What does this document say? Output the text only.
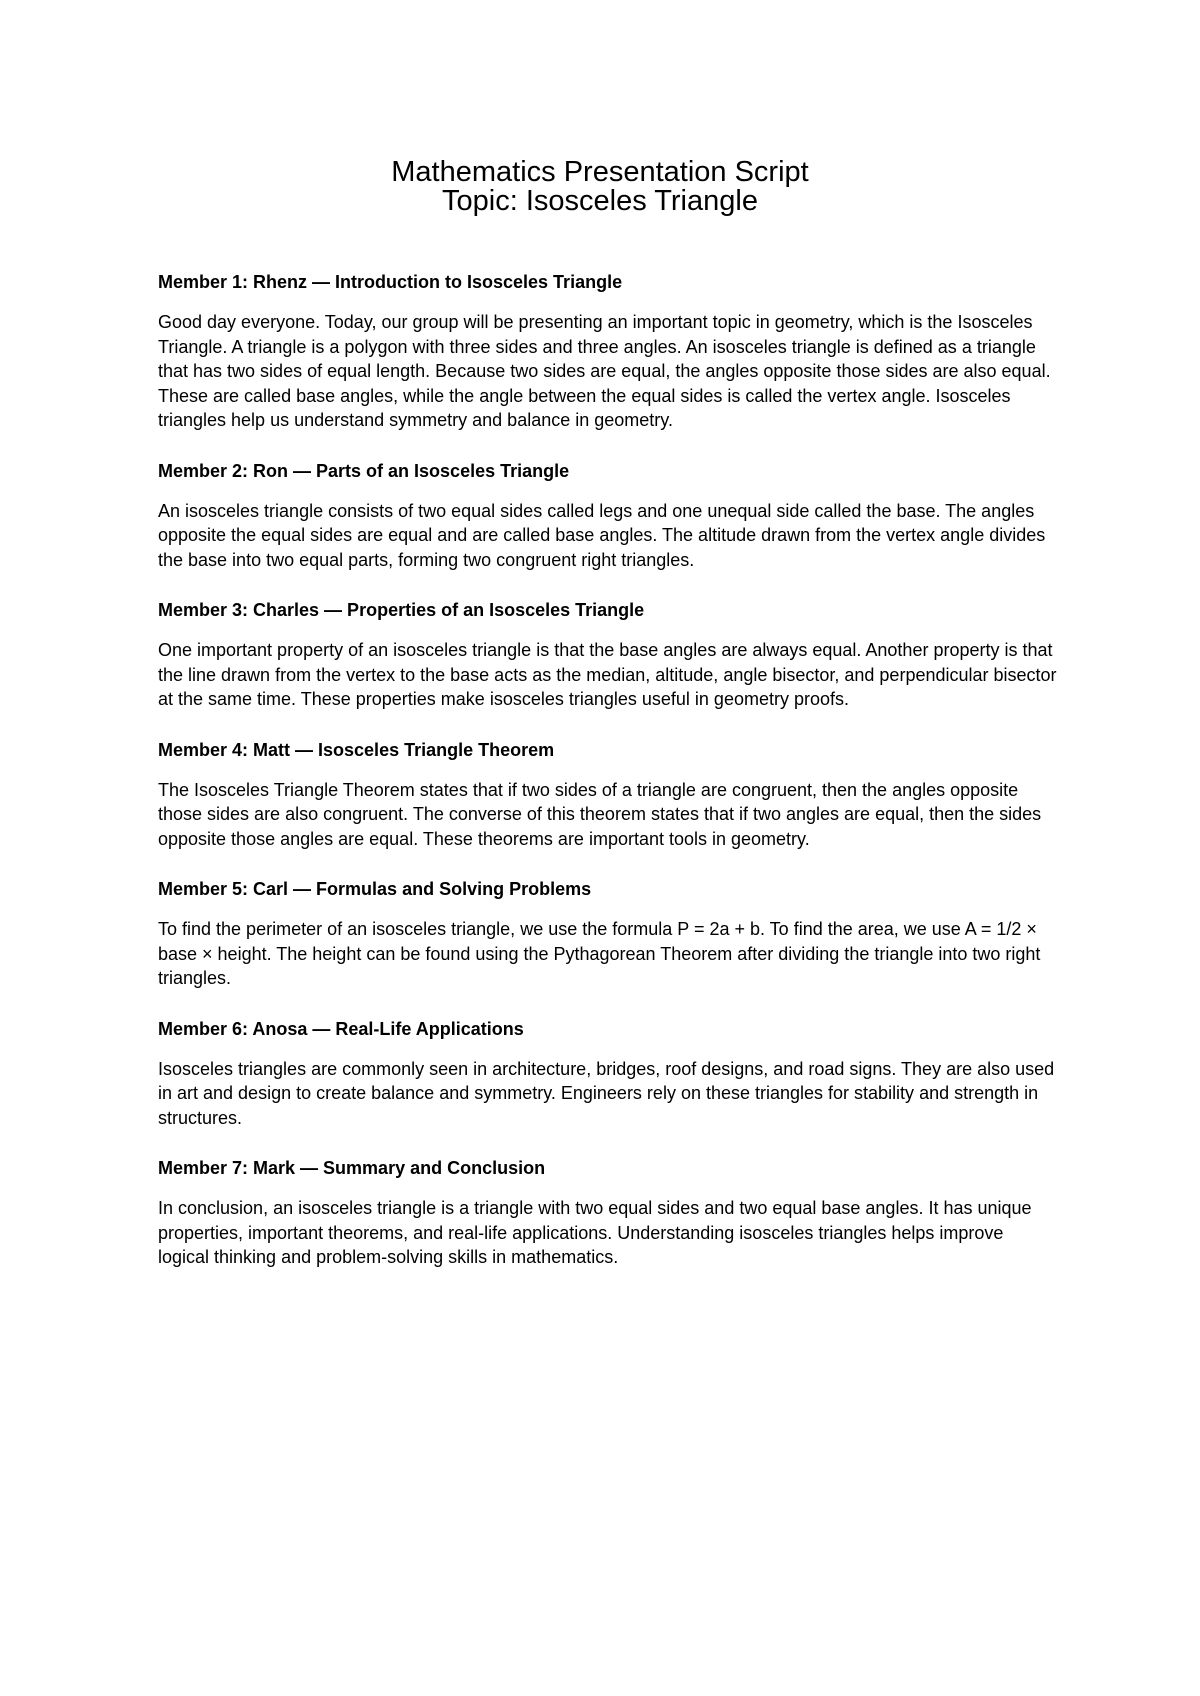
Mathematics Presentation Script

Topic: Isosceles Triangle

Member 1: Rhenz — Introduction to Isosceles Triangle

Good day everyone. Today, our group will be presenting an important topic in geometry, which is the Isosceles Triangle. A triangle is a polygon with three sides and three angles. An isosceles triangle is defined as a triangle that has two sides of equal length. Because two sides are equal, the angles opposite those sides are also equal. These are called base angles, while the angle between the equal sides is called the vertex angle. Isosceles triangles help us understand symmetry and balance in geometry.

Member 2: Ron — Parts of an Isosceles Triangle

An isosceles triangle consists of two equal sides called legs and one unequal side called the base. The angles opposite the equal sides are equal and are called base angles. The altitude drawn from the vertex angle divides the base into two equal parts, forming two congruent right triangles.

Member 3: Charles — Properties of an Isosceles Triangle

One important property of an isosceles triangle is that the base angles are always equal. Another property is that the line drawn from the vertex to the base acts as the median, altitude, angle bisector, and perpendicular bisector at the same time. These properties make isosceles triangles useful in geometry proofs.

Member 4: Matt — Isosceles Triangle Theorem

The Isosceles Triangle Theorem states that if two sides of a triangle are congruent, then the angles opposite those sides are also congruent. The converse of this theorem states that if two angles are equal, then the sides opposite those angles are equal. These theorems are important tools in geometry.

Member 5: Carl — Formulas and Solving Problems

To find the perimeter of an isosceles triangle, we use the formula P = 2a + b. To find the area, we use A = 1/2 × base × height. The height can be found using the Pythagorean Theorem after dividing the triangle into two right triangles.

Member 6: Anosa — Real-Life Applications

Isosceles triangles are commonly seen in architecture, bridges, roof designs, and road signs. They are also used in art and design to create balance and symmetry. Engineers rely on these triangles for stability and strength in structures.

Member 7: Mark — Summary and Conclusion

In conclusion, an isosceles triangle is a triangle with two equal sides and two equal base angles. It has unique properties, important theorems, and real-life applications. Understanding isosceles triangles helps improve logical thinking and problem-solving skills in mathematics.
